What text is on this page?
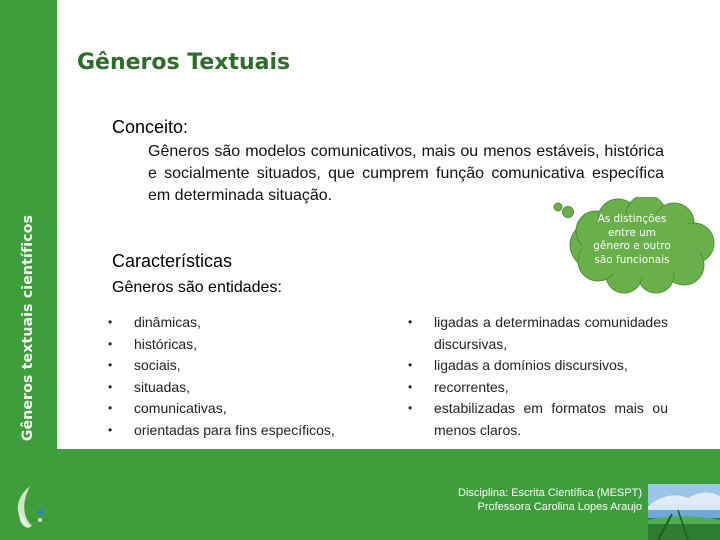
Gêneros textuais científicos
Gêneros Textuais
Conceito:
Gêneros são modelos comunicativos, mais ou menos estáveis, histórica e socialmente situados, que cumprem função comunicativa específica em determinada situação.
As distinções
entre um
gênero e outro
são funcionais
Características
Gêneros são entidades:
• dinâmicas,
• históricas,
• sociais,
• situadas,
• comunicativas,
• orientadas para fins específicos,
• ligadas a determinadas comunidades discursivas,
• ligadas a domínios discursivos,
• recorrentes,
• estabilizadas em formatos mais ou menos claros.
Disciplina: Escrita Científica (MESPT)
Professora Carolina Lopes Araujo
